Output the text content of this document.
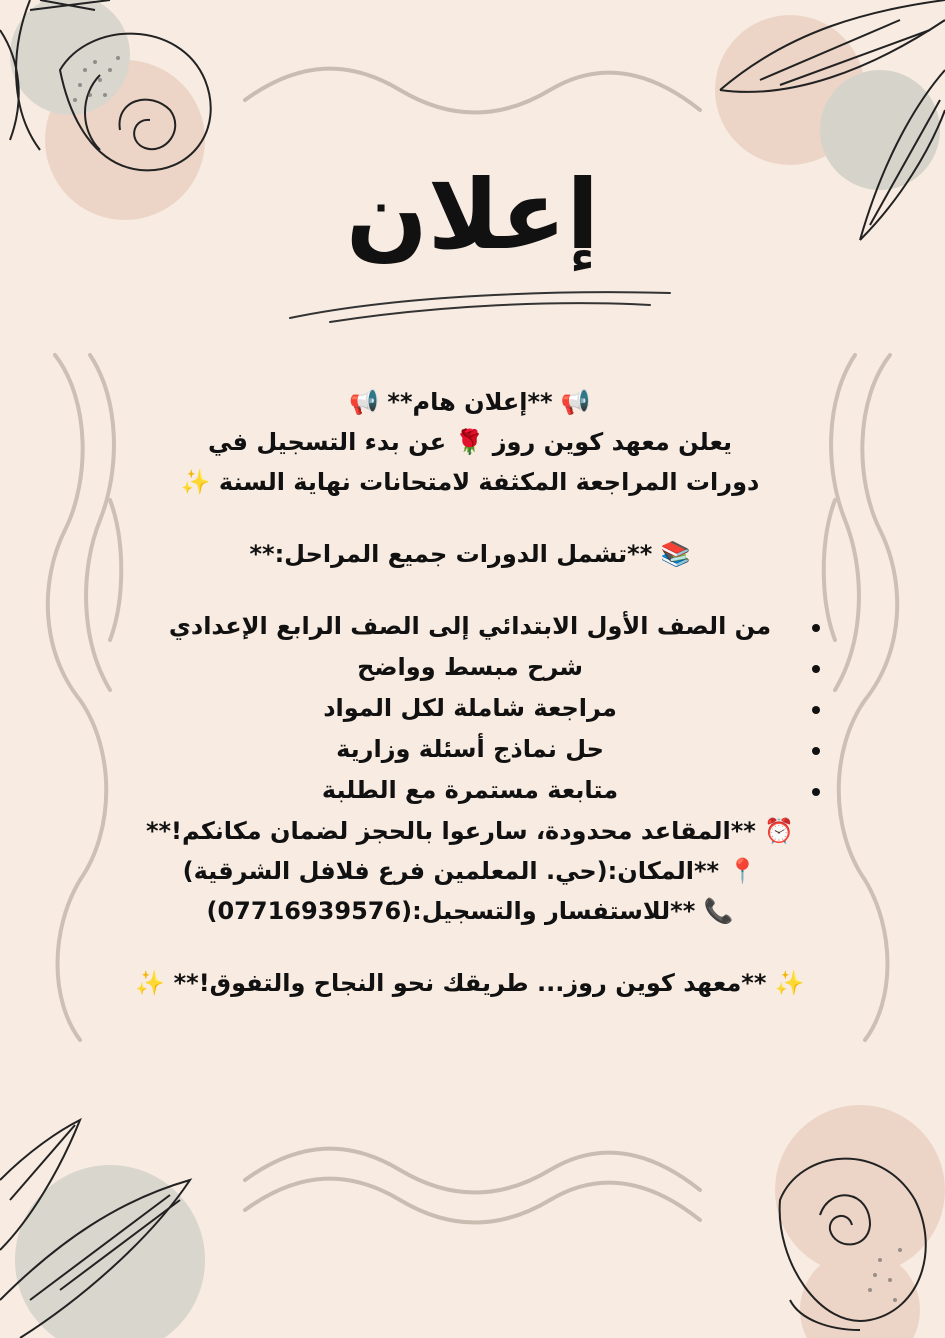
إعلان

📢 **إعلان هام** 📢

يعلن معهد كوين روز 🌹 عن بدء التسجيل في

دورات المراجعة المكثفة لامتحانات نهاية السنة ✨

📚 **تشمل الدورات جميع المراحل:**

من الصف الأول الابتدائي إلى الصف الرابع الإعدادي
شرح مبسط وواضح
مراجعة شاملة لكل المواد
حل نماذج أسئلة وزارية
متابعة مستمرة مع الطلبة

⏰ **المقاعد محدودة، سارعوا بالحجز لضمان مكانكم!**

📍 **المكان:(حي. المعلمين فرع فلافل الشرقية)

📞 **للاستفسار والتسجيل:(07716939576)

✨ **معهد كوين روز... طريقك نحو النجاح والتفوق!** ✨
